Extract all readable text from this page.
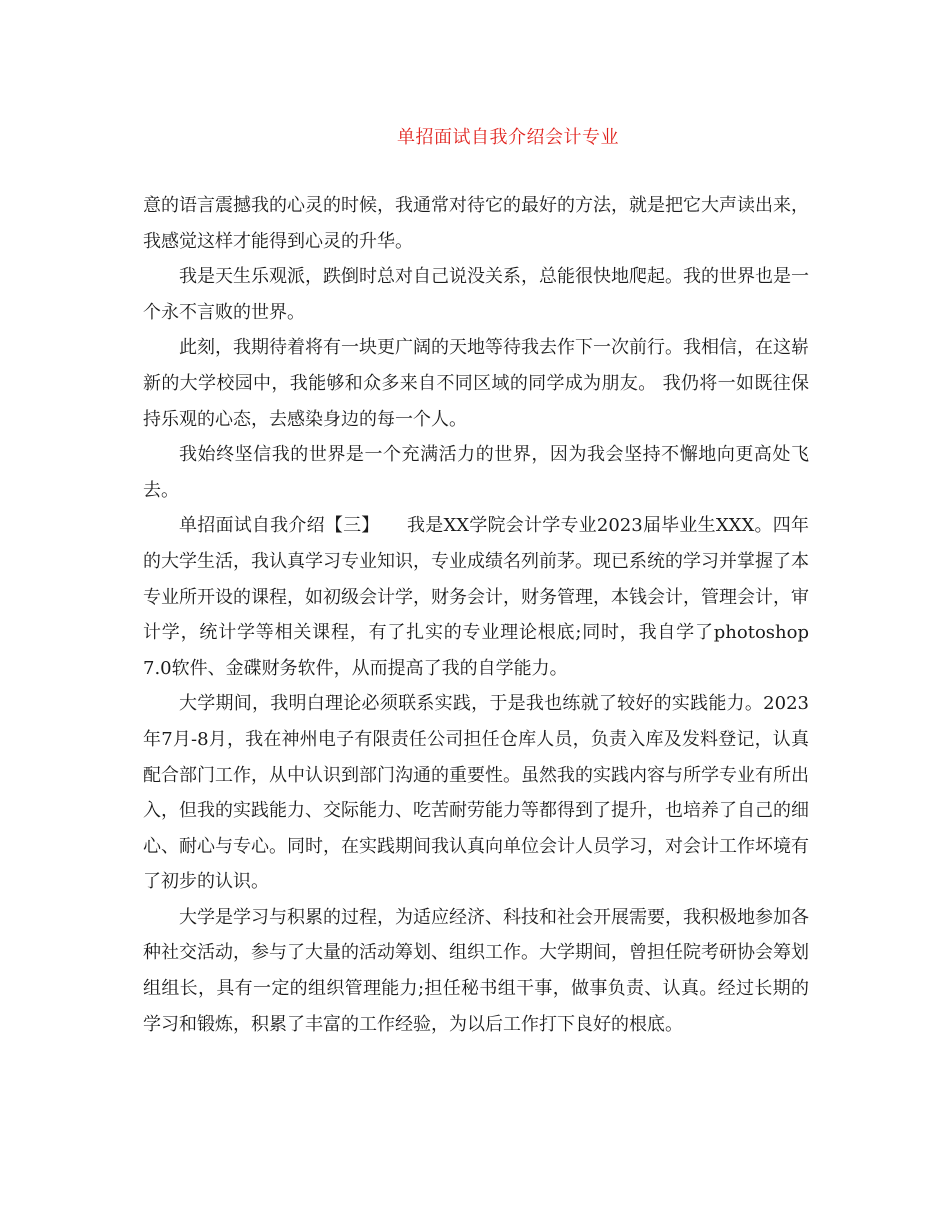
单招面试自我介绍会计专业

意的语言震撼我的心灵的时候，我通常对待它的最好的方法，就是把它大声读出来，我感觉这样才能得到心灵的升华。

我是天生乐观派，跌倒时总对自己说没关系，总能很快地爬起。我的世界也是一个永不言败的世界。

此刻，我期待着将有一块更广阔的天地等待我去作下一次前行。我相信，在这崭新的大学校园中，我能够和众多来自不同区域的同学成为朋友。 我仍将一如既往保持乐观的心态，去感染身边的每一个人。

我始终坚信我的世界是一个充满活力的世界，因为我会坚持不懈地向更高处飞去。

单招面试自我介绍【三】　　我是XX学院会计学专业2023届毕业生XXX。四年的大学生活，我认真学习专业知识，专业成绩名列前茅。现已系统的学习并掌握了本专业所开设的课程，如初级会计学，财务会计，财务管理，本钱会计，管理会计，审计学，统计学等相关课程，有了扎实的专业理论根底;同时，我自学了photoshop 7.0软件、金碟财务软件，从而提高了我的自学能力。

大学期间，我明白理论必须联系实践，于是我也练就了较好的实践能力。2023年7月-8月，我在神州电子有限责任公司担任仓库人员，负责入库及发料登记，认真配合部门工作，从中认识到部门沟通的重要性。虽然我的实践内容与所学专业有所出入，但我的实践能力、交际能力、吃苦耐劳能力等都得到了提升，也培养了自己的细心、耐心与专心。同时，在实践期间我认真向单位会计人员学习，对会计工作坏境有了初步的认识。

大学是学习与积累的过程，为适应经济、科技和社会开展需要，我积极地参加各种社交活动，参与了大量的活动筹划、组织工作。大学期间，曾担任院考研协会筹划组组长，具有一定的组织管理能力;担任秘书组干事，做事负责、认真。经过长期的学习和锻炼，积累了丰富的工作经验，为以后工作打下良好的根底。
